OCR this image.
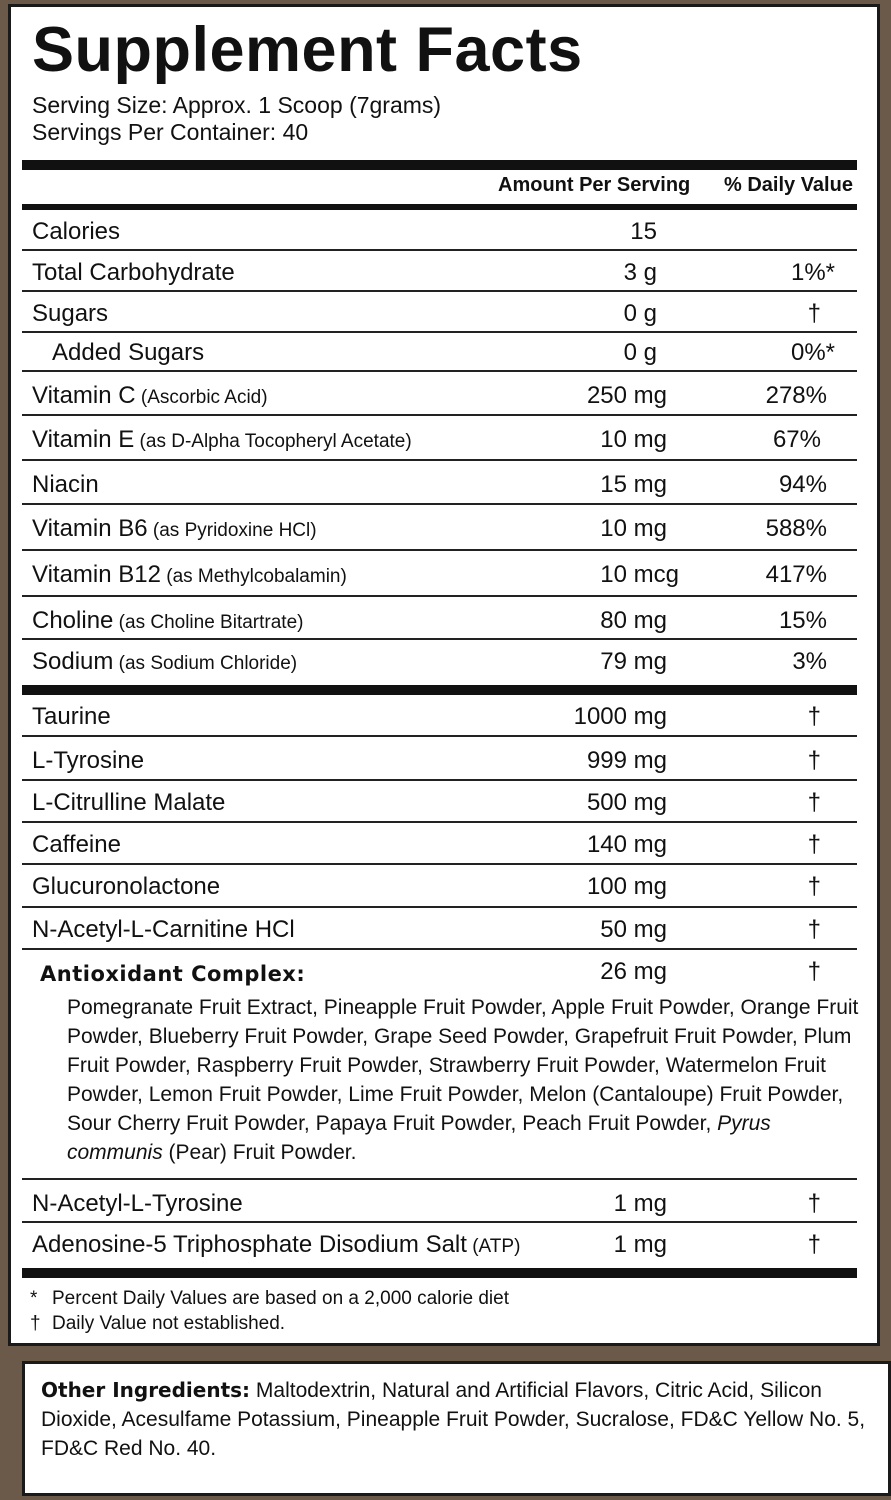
Supplement Facts
Serving Size: Approx. 1 Scoop (7grams)
Servings Per Container: 40
Amount Per Serving % Daily Value
Calories	15
Total Carbohydrate	3 g	1%*
Sugars	0 g	†
Added Sugars	0 g	0%*
Vitamin C (Ascorbic Acid)	250 mg	278%
Vitamin E (as D-Alpha Tocopheryl Acetate)	10 mg	67%
Niacin	15 mg	94%
Vitamin B6 (as Pyridoxine HCl)	10 mg	588%
Vitamin B12 (as Methylcobalamin)	10 mcg	417%
Choline (as Choline Bitartrate)	80 mg	15%
Sodium (as Sodium Chloride)	79 mg	3%
Taurine	1000 mg	†
L-Tyrosine	999 mg	†
L-Citrulline Malate	500 mg	†
Caffeine	140 mg	†
Glucuronolactone	100 mg	†
N-Acetyl-L-Carnitine HCl	50 mg	†
Antioxidant Complex:	26 mg	†
Pomegranate Fruit Extract, Pineapple Fruit Powder, Apple Fruit Powder, Orange Fruit Powder, Blueberry Fruit Powder, Grape Seed Powder, Grapefruit Fruit Powder, Plum Fruit Powder, Raspberry Fruit Powder, Strawberry Fruit Powder, Watermelon Fruit Powder, Lemon Fruit Powder, Lime Fruit Powder, Melon (Cantaloupe) Fruit Powder, Sour Cherry Fruit Powder, Papaya Fruit Powder, Peach Fruit Powder, Pyrus communis (Pear) Fruit Powder.
N-Acetyl-L-Tyrosine	1 mg	†
Adenosine-5 Triphosphate Disodium Salt (ATP)	1 mg	†
* Percent Daily Values are based on a 2,000 calorie diet
† Daily Value not established.
Other Ingredients: Maltodextrin, Natural and Artificial Flavors, Citric Acid, Silicon Dioxide, Acesulfame Potassium, Pineapple Fruit Powder, Sucralose, FD&C Yellow No. 5, FD&C Red No. 40.
